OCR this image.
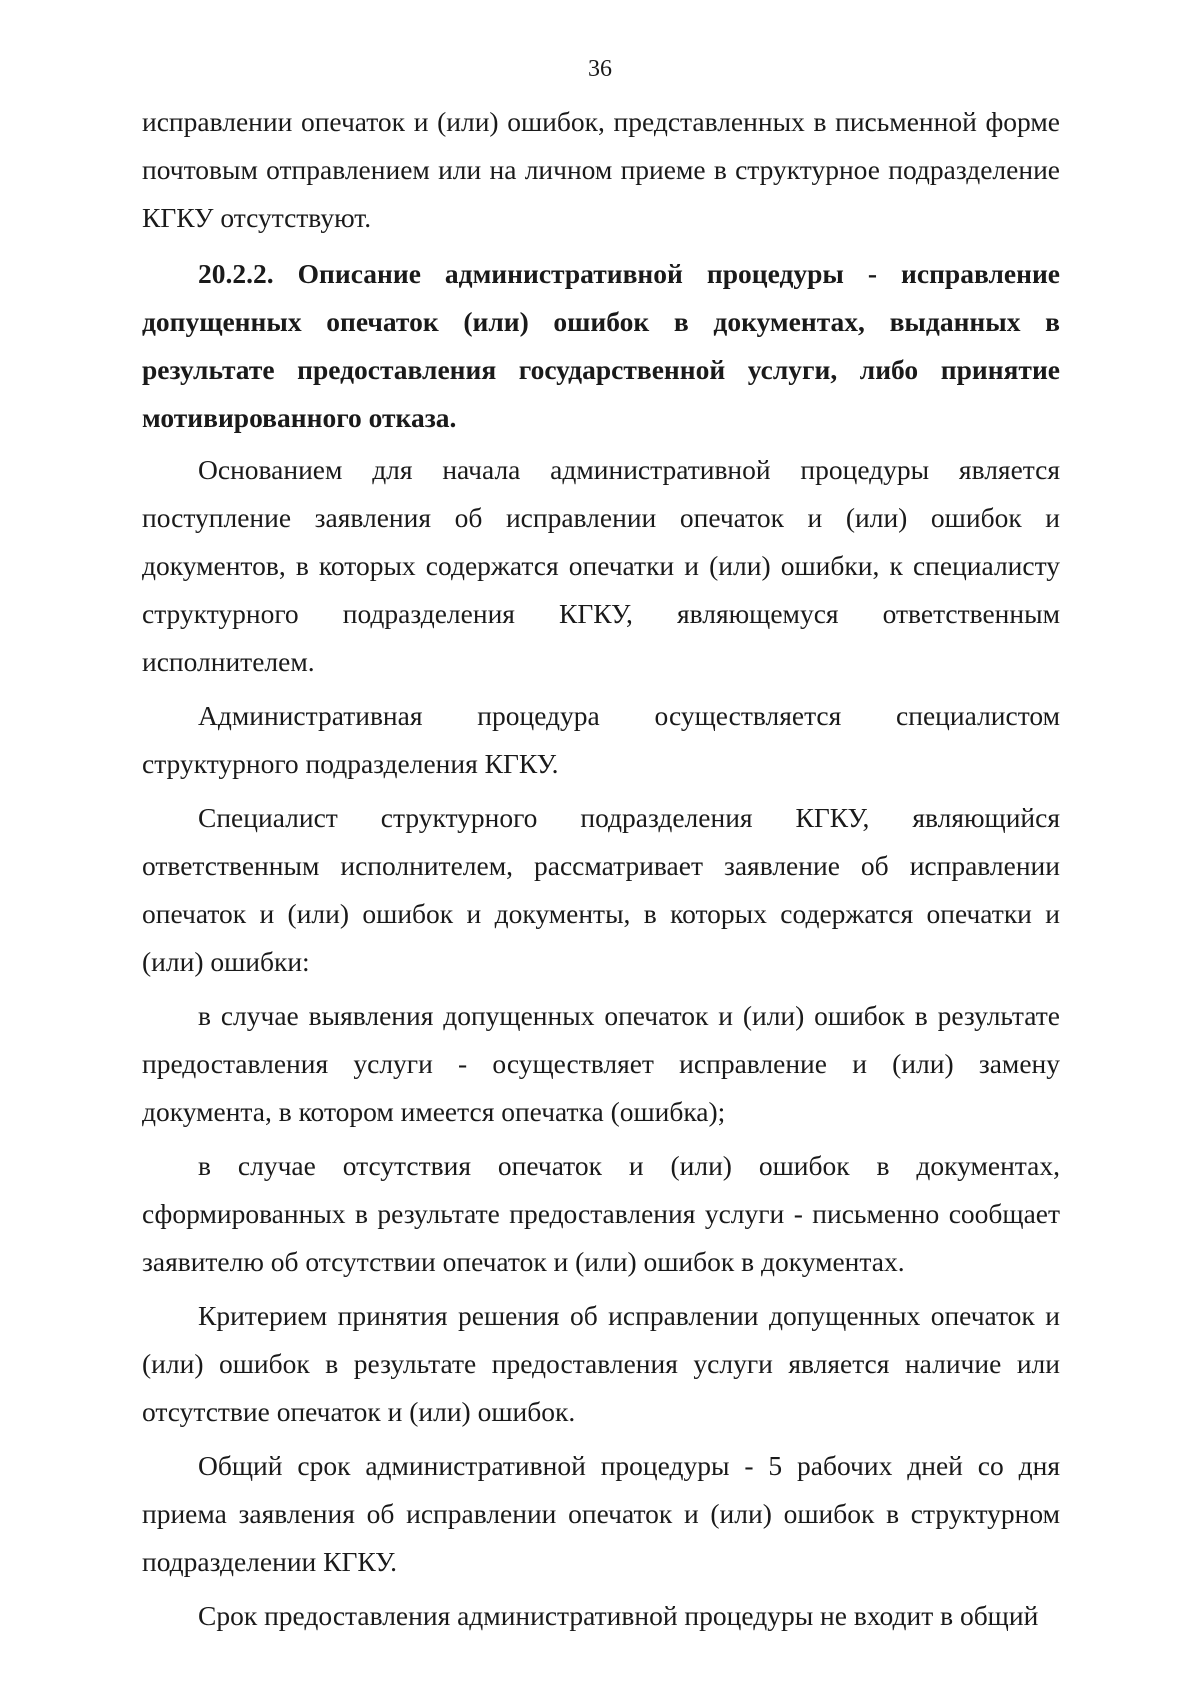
36

исправлении опечаток и (или) ошибок, представленных в письменной форме почтовым отправлением или на личном приеме в структурное подразделение КГКУ отсутствуют.

20.2.2. Описание административной процедуры - исправление допущенных опечаток (или) ошибок в документах, выданных в результате предоставления государственной услуги, либо принятие мотивированного отказа.

Основанием для начала административной процедуры является поступление заявления об исправлении опечаток и (или) ошибок и документов, в которых содержатся опечатки и (или) ошибки, к специалисту структурного подразделения КГКУ, являющемуся ответственным исполнителем.

Административная процедура осуществляется специалистом структурного подразделения КГКУ.

Специалист структурного подразделения КГКУ, являющийся ответственным исполнителем, рассматривает заявление об исправлении опечаток и (или) ошибок и документы, в которых содержатся опечатки и (или) ошибки:

в случае выявления допущенных опечаток и (или) ошибок в результате предоставления услуги - осуществляет исправление и (или) замену документа, в котором имеется опечатка (ошибка);

в случае отсутствия опечаток и (или) ошибок в документах, сформированных в результате предоставления услуги - письменно сообщает заявителю об отсутствии опечаток и (или) ошибок в документах.

Критерием принятия решения об исправлении допущенных опечаток и (или) ошибок в результате предоставления услуги является наличие или отсутствие опечаток и (или) ошибок.

Общий срок административной процедуры - 5 рабочих дней со дня приема заявления об исправлении опечаток и (или) ошибок в структурном подразделении КГКУ.

Срок предоставления административной процедуры не входит в общий
